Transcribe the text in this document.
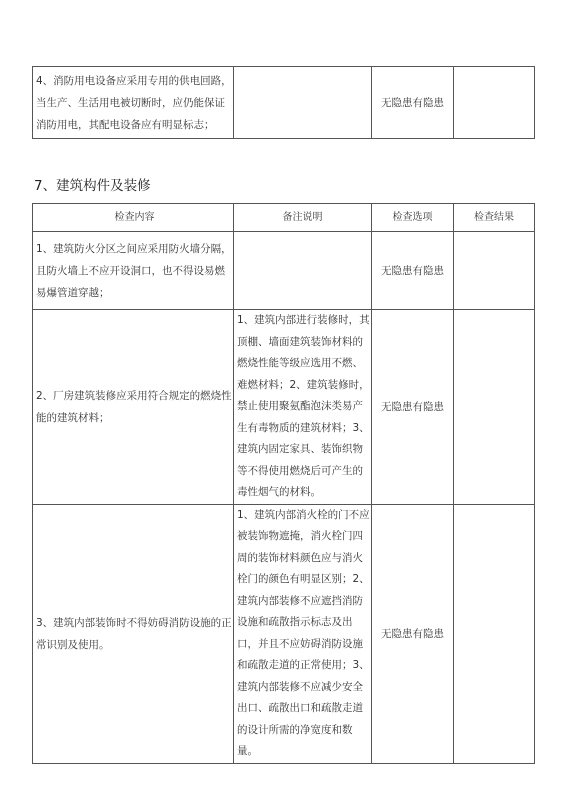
4、消防用电设备应采用专用的供电回路，当生产、生活用电被切断时，应仍能保证消防用电，其配电设备应有明显标志；		无隐患有隐患	
7、建筑构件及装修
检查内容	备注说明	检查选项	检查结果
1、建筑防火分区之间应采用防火墙分隔，且防火墙上不应开设洞口，也不得设易燃易爆管道穿越；		无隐患有隐患	
2、厂房建筑装修应采用符合规定的燃烧性能的建筑材料；	1、建筑内部进行装修时，其顶棚、墙面建筑装饰材料的燃烧性能等级应选用不燃、难燃材料；2、建筑装修时，禁止使用聚氨酯泡沫类易产生有毒物质的建筑材料；3、建筑内固定家具、装饰织物等不得使用燃烧后可产生的毒性烟气的材料。	无隐患有隐患	
3、建筑内部装饰时不得妨碍消防设施的正常识别及使用。	1、建筑内部消火栓的门不应被装饰物遮掩，消火栓门四周的装饰材料颜色应与消火栓门的颜色有明显区别；2、建筑内部装修不应遮挡消防设施和疏散指示标志及出口，并且不应妨碍消防设施和疏散走道的正常使用；3、建筑内部装修不应减少安全出口、疏散出口和疏散走道的设计所需的净宽度和数量。	无隐患有隐患	
